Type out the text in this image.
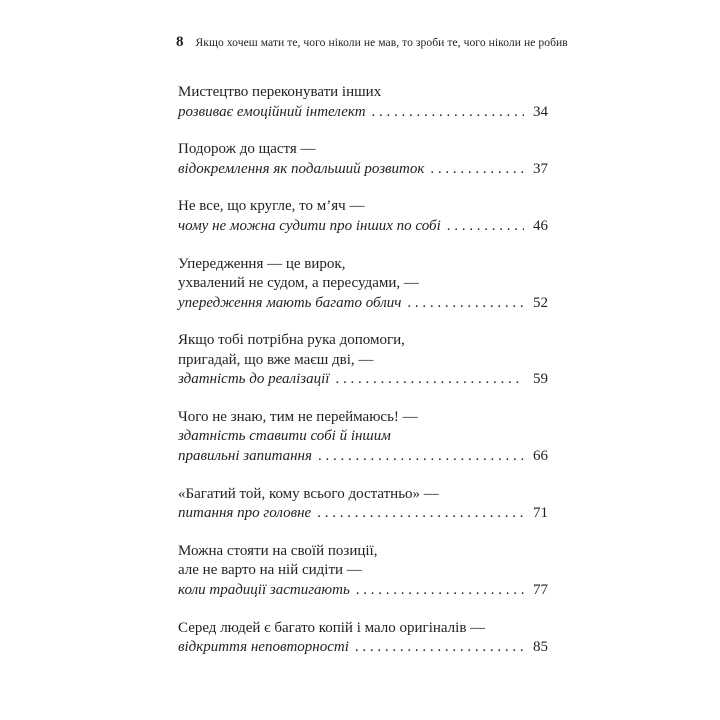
8 Якщо хочеш мати те, чого ніколи не мав, то зроби те, чого ніколи не робив
Мистецтво переконувати інших
розвиває емоційний інтелект . . .	34
Подорож до щастя —
відокремлення як подальший розвиток . . .	37
Не все, що кругле, то м’яч —
чому не можна судити про інших по собі . . .	46
Упередження — це вирок,
ухвалений не судом, а пересудами, —
упередження мають багато облич . . .	52
Якщо тобі потрібна рука допомоги,
пригадай, що вже маєш дві, —
здатність до реалізації . . .	59
Чого не знаю, тим не переймаюсь! —
здатність ставити собі й іншим
правильні запитання . . .	66
«Багатий той, кому всього достатньо» —
питання про головне . . .	71
Можна стояти на своїй позиції,
але не варто на ній сидіти —
коли традиції застигають . . .	77
Серед людей є багато копій і мало оригіналів —
відкриття неповторності . . .	85
